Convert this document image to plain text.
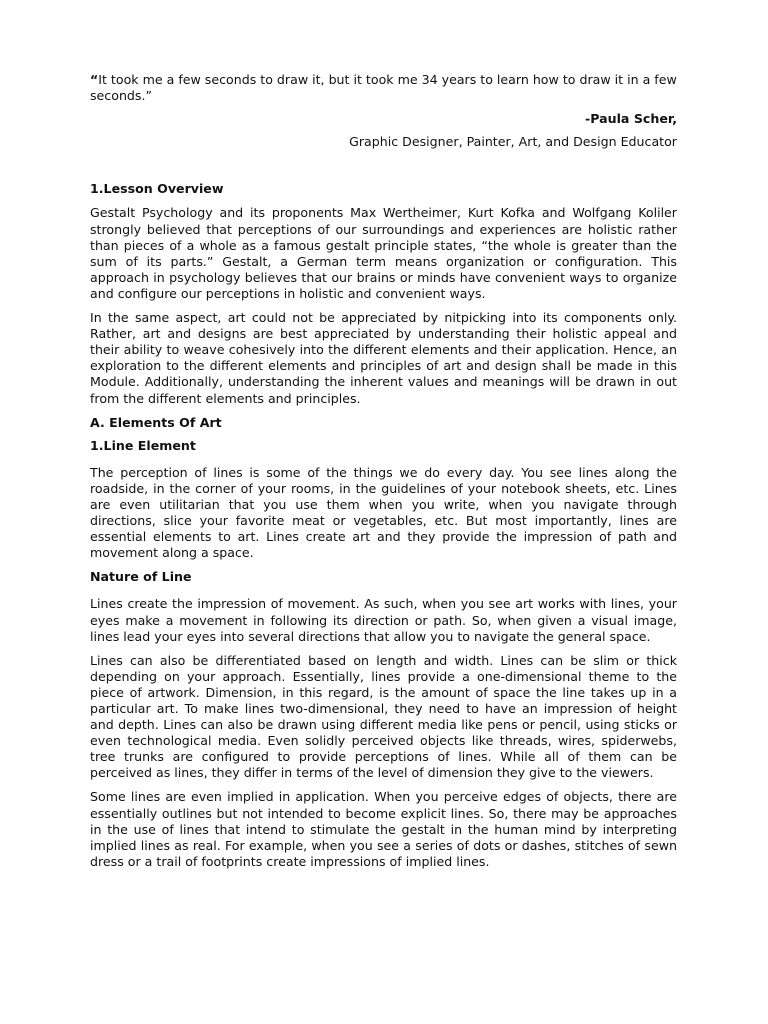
“It took me a few seconds to draw it, but it took me 34 years to learn how to draw it in a few seconds.”

-Paula Scher,

Graphic Designer, Painter, Art, and Design Educator

1.Lesson Overview

Gestalt Psychology and its proponents Max Wertheimer, Kurt Kofka and Wolfgang Koliler strongly believed that perceptions of our surroundings and experiences are holistic rather than pieces of a whole as a famous gestalt principle states, “the whole is greater than the sum of its parts.” Gestalt, a German term means organization or configuration. This approach in psychology believes that our brains or minds have convenient ways to organize and configure our perceptions in holistic and convenient ways.

In the same aspect, art could not be appreciated by nitpicking into its components only. Rather, art and designs are best appreciated by understanding their holistic appeal and their ability to weave cohesively into the different elements and their application. Hence, an exploration to the different elements and principles of art and design shall be made in this Module. Additionally, understanding the inherent values and meanings will be drawn in out from the different elements and principles.

A. Elements Of Art

1.Line Element

The perception of lines is some of the things we do every day. You see lines along the roadside, in the corner of your rooms, in the guidelines of your notebook sheets, etc. Lines are even utilitarian that you use them when you write, when you navigate through directions, slice your favorite meat or vegetables, etc. But most importantly, lines are essential elements to art. Lines create art and they provide the impression of path and movement along a space.

Nature of Line

Lines create the impression of movement. As such, when you see art works with lines, your eyes make a movement in following its direction or path. So, when given a visual image, lines lead your eyes into several directions that allow you to navigate the general space.

Lines can also be differentiated based on length and width. Lines can be slim or thick depending on your approach. Essentially, lines provide a one-dimensional theme to the piece of artwork. Dimension, in this regard, is the amount of space the line takes up in a particular art. To make lines two-dimensional, they need to have an impression of height and depth. Lines can also be drawn using different media like pens or pencil, using sticks or even technological media. Even solidly perceived objects like threads, wires, spiderwebs, tree trunks are configured to provide perceptions of lines. While all of them can be perceived as lines, they differ in terms of the level of dimension they give to the viewers.

Some lines are even implied in application. When you perceive edges of objects, there are essentially outlines but not intended to become explicit lines. So, there may be approaches in the use of lines that intend to stimulate the gestalt in the human mind by interpreting implied lines as real. For example, when you see a series of dots or dashes, stitches of sewn dress or a trail of footprints create impressions of implied lines.
